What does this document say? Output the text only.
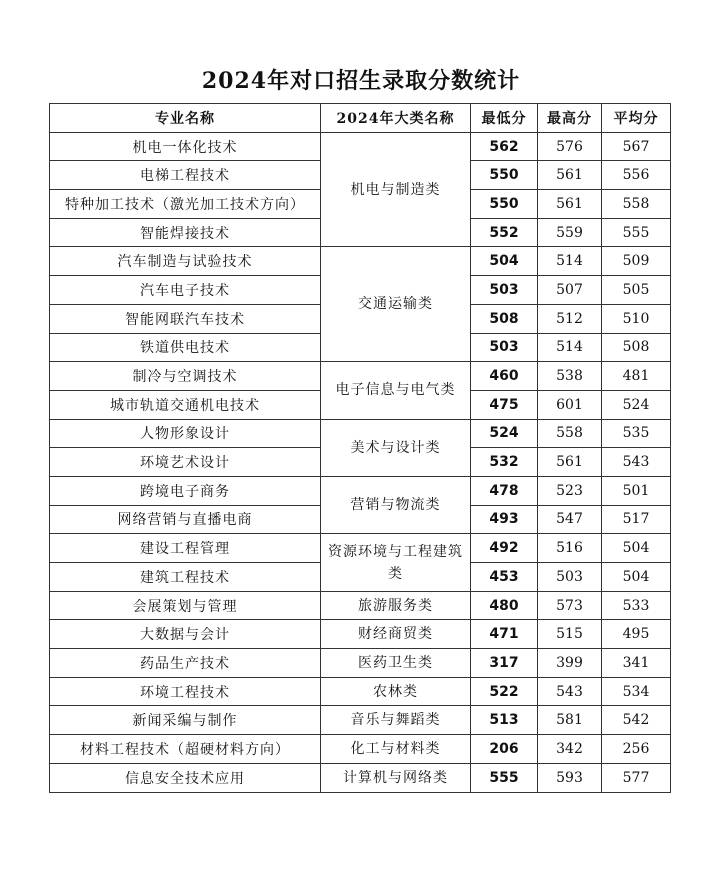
2024年对口招生录取分数统计
专业名称	2024年大类名称	最低分	最高分	平均分
机电一体化技术	机电与制造类	562	576	567
电梯工程技术		550	561	556
特种加工技术（激光加工技术方向）		550	561	558
智能焊接技术		552	559	555
汽车制造与试验技术	交通运输类	504	514	509
汽车电子技术		503	507	505
智能网联汽车技术		508	512	510
铁道供电技术		503	514	508
制冷与空调技术	电子信息与电气类	460	538	481
城市轨道交通机电技术		475	601	524
人物形象设计	美术与设计类	524	558	535
环境艺术设计		532	561	543
跨境电子商务	营销与物流类	478	523	501
网络营销与直播电商		493	547	517
建设工程管理	资源环境与工程建筑类	492	516	504
建筑工程技术		453	503	504
会展策划与管理	旅游服务类	480	573	533
大数据与会计	财经商贸类	471	515	495
药品生产技术	医药卫生类	317	399	341
环境工程技术	农林类	522	543	534
新闻采编与制作	音乐与舞蹈类	513	581	542
材料工程技术（超硬材料方向）	化工与材料类	206	342	256
信息安全技术应用	计算机与网络类	555	593	577
